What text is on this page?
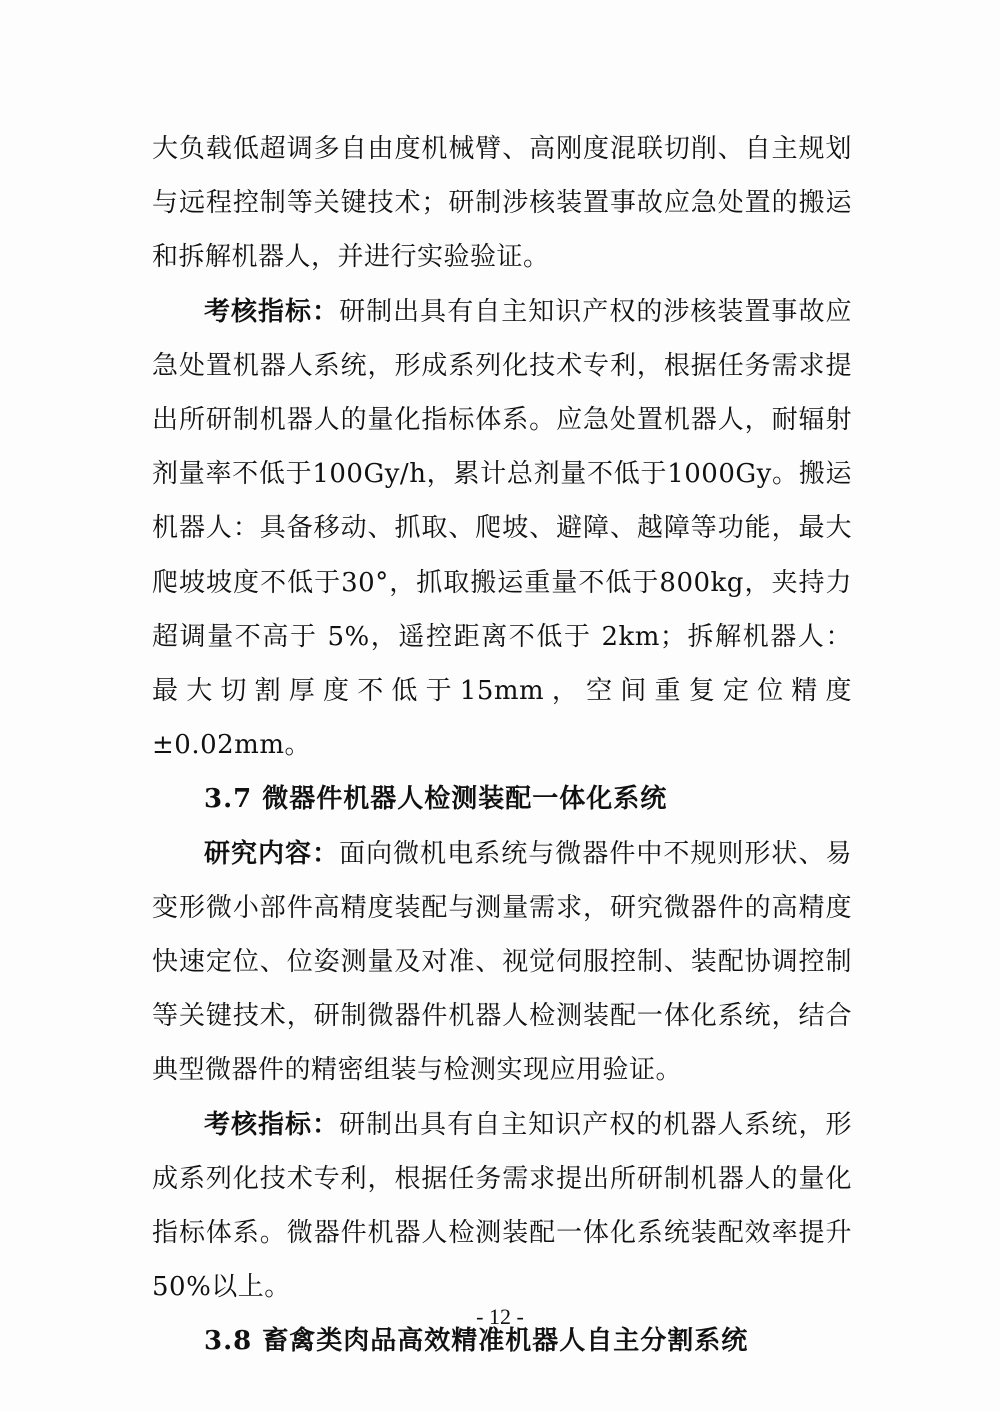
大负载低超调多自由度机械臂、高刚度混联切削、自主规划与远程控制等关键技术；研制涉核装置事故应急处置的搬运和拆解机器人，并进行实验验证。

考核指标：研制出具有自主知识产权的涉核装置事故应急处置机器人系统，形成系列化技术专利，根据任务需求提出所研制机器人的量化指标体系。应急处置机器人，耐辐射剂量率不低于100Gy/h，累计总剂量不低于1000Gy。搬运机器人：具备移动、抓取、爬坡、避障、越障等功能，最大爬坡坡度不低于30°，抓取搬运重量不低于800kg，夹持力超调量不高于 5%，遥控距离不低于 2km；拆解机器人：最大切割厚度不低于15mm，空间重复定位精度±0.02mm。

3.7 微器件机器人检测装配一体化系统

研究内容：面向微机电系统与微器件中不规则形状、易变形微小部件高精度装配与测量需求，研究微器件的高精度快速定位、位姿测量及对准、视觉伺服控制、装配协调控制等关键技术，研制微器件机器人检测装配一体化系统，结合典型微器件的精密组装与检测实现应用验证。

考核指标：研制出具有自主知识产权的机器人系统，形成系列化技术专利，根据任务需求提出所研制机器人的量化指标体系。微器件机器人检测装配一体化系统装配效率提升50%以上。

3.8 畜禽类肉品高效精准机器人自主分割系统

- 12 -
